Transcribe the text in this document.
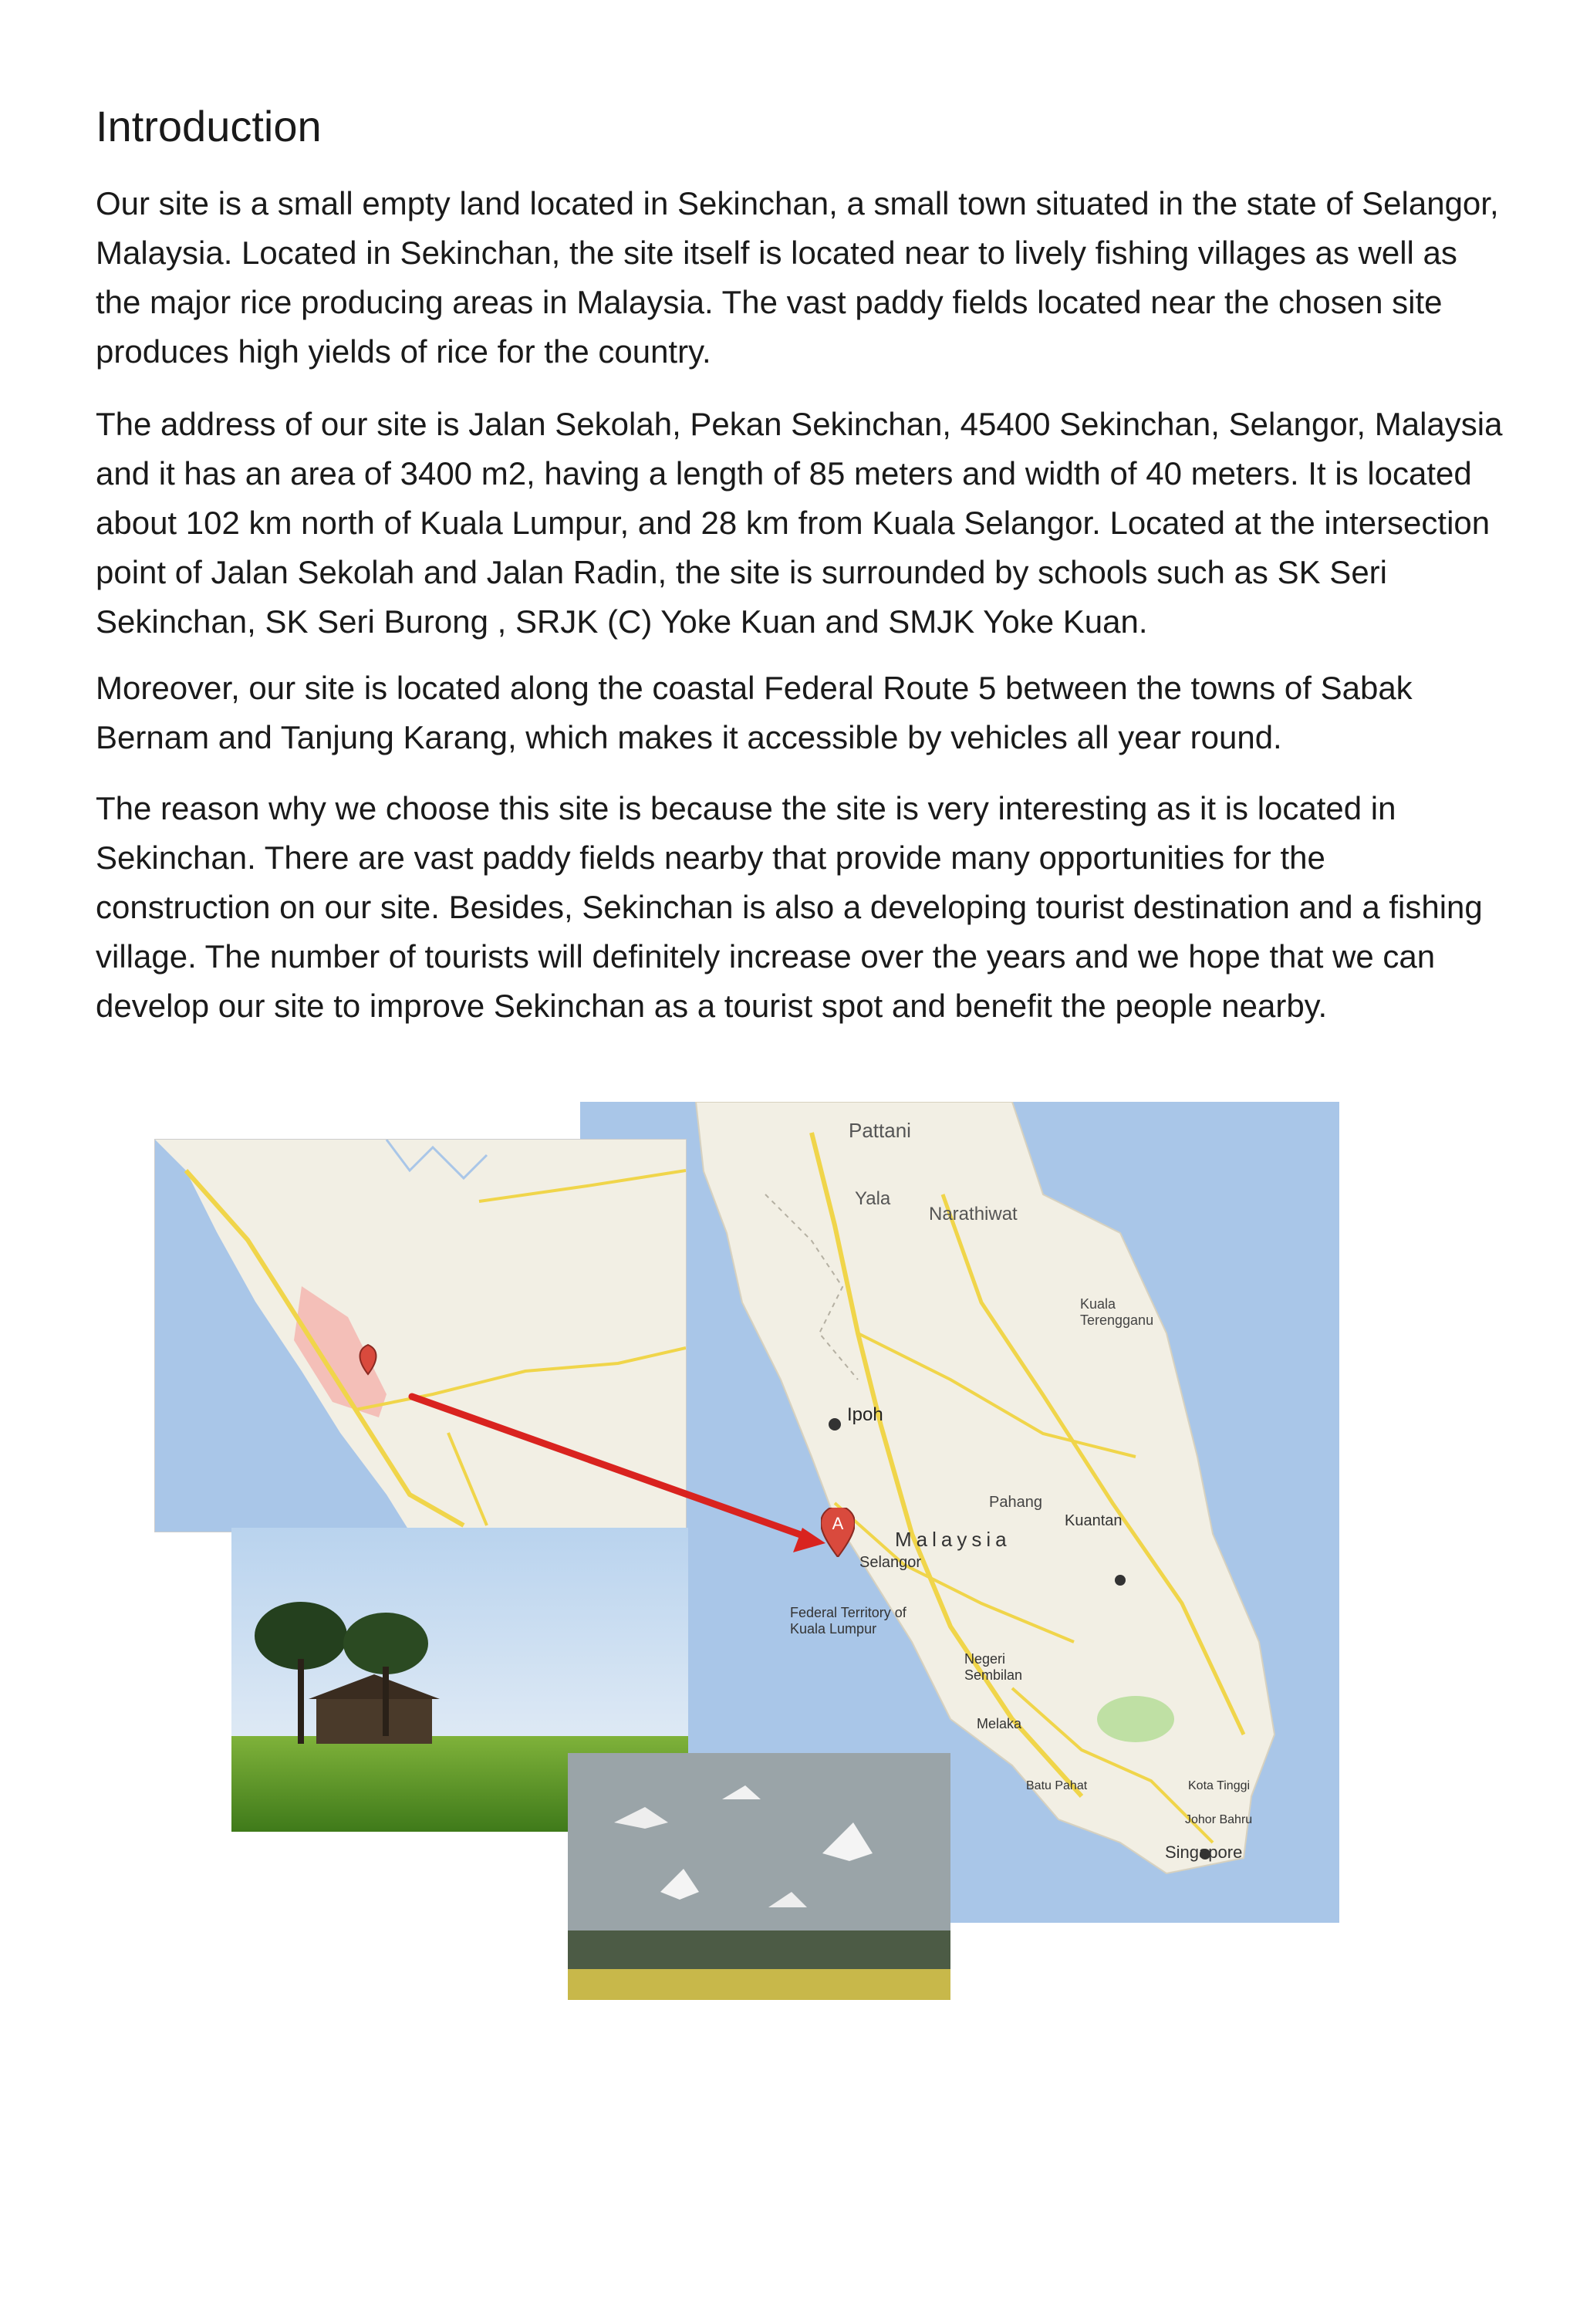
Introduction

Our site is a small empty land located in Sekinchan, a small town situated in the state of Selangor, Malaysia. Located in Sekinchan, the site itself is located near to lively fishing villages as well as the major rice producing areas in Malaysia. The vast paddy fields located near the chosen site produces high yields of rice for the country.

The address of our site is Jalan Sekolah, Pekan Sekinchan, 45400 Sekinchan, Selangor, Malaysia and it has an area of 3400 m2, having a length of 85 meters and width of 40 meters. It is located about 102 km north of Kuala Lumpur, and 28 km from Kuala Selangor. Located at the intersection point of Jalan Sekolah and Jalan Radin, the site is surrounded by schools such as SK Seri Sekinchan, SK Seri Burong , SRJK (C) Yoke Kuan and SMJK Yoke Kuan.

Moreover, our site is located along the coastal Federal Route 5 between the towns of Sabak Bernam and Tanjung Karang, which makes it accessible by vehicles all year round.

The reason why we choose this site is because the site is very interesting as it is located in Sekinchan. There are vast paddy fields nearby that provide many opportunities for the construction on our site. Besides, Sekinchan is also a developing tourist destination and a fishing village. The number of tourists will definitely increase over the years and we hope that we can develop our site to improve Sekinchan as a tourist spot and benefit the people nearby.

A
Pattani
Yala
Narathiwat
Kuala Terengganu
Ipoh
Pahang
Malaysia
Selangor
Kuantan
Federal Territory of Kuala Lumpur
Negeri Sembilan
Melaka
Batu Pahat	Kota Tinggi
Johor Bahru
Singapore
